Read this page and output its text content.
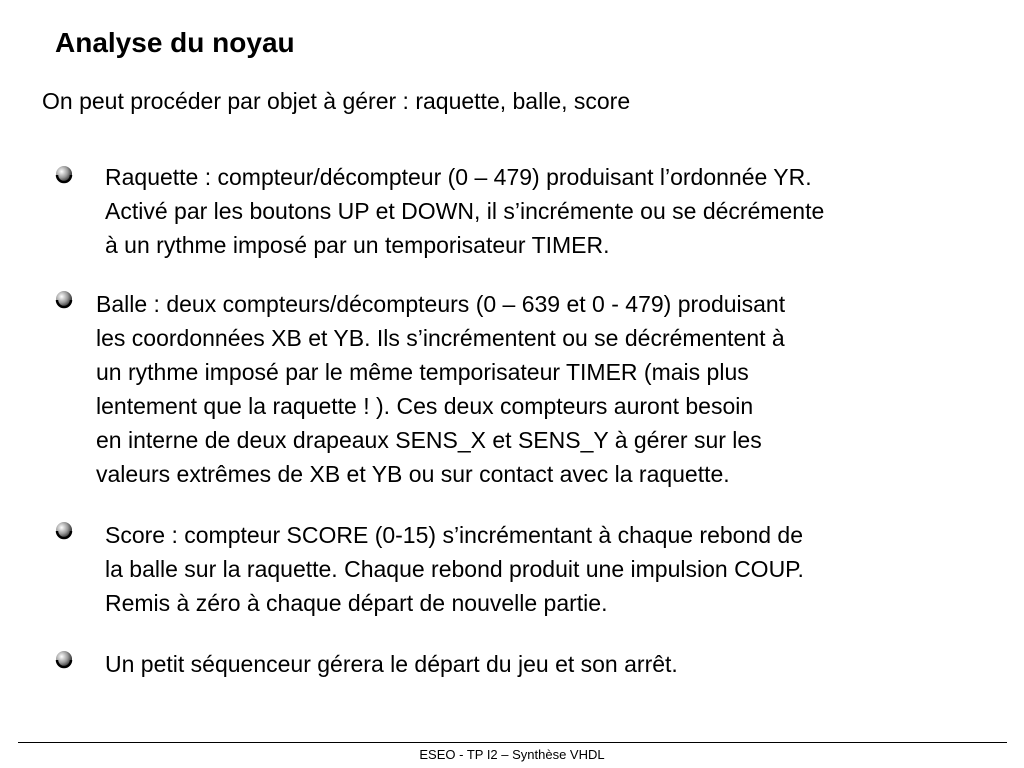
Analyse du noyau
On peut procéder par objet à gérer : raquette, balle, score
Raquette : compteur/décompteur (0 – 479) produisant l’ordonnée YR.
Activé par les boutons UP et DOWN, il s’incrémente ou se décrémente
à un rythme imposé par un temporisateur TIMER.
Balle : deux compteurs/décompteurs (0 – 639 et 0 - 479) produisant
les coordonnées XB et YB. Ils s’incrémentent ou se décrémentent à
un rythme imposé par le même temporisateur TIMER (mais plus
lentement que la raquette ! ). Ces deux compteurs auront besoin
en interne de deux drapeaux SENS_X et SENS_Y à gérer sur les
valeurs extrêmes de XB et YB ou sur contact avec la raquette.
Score : compteur SCORE (0-15) s’incrémentant à chaque rebond de
la balle sur la raquette. Chaque rebond produit une impulsion COUP.
Remis à zéro à chaque départ de nouvelle partie.
Un petit séquenceur gérera le départ du jeu et son arrêt.
ESEO - TP I2 – Synthèse VHDL
